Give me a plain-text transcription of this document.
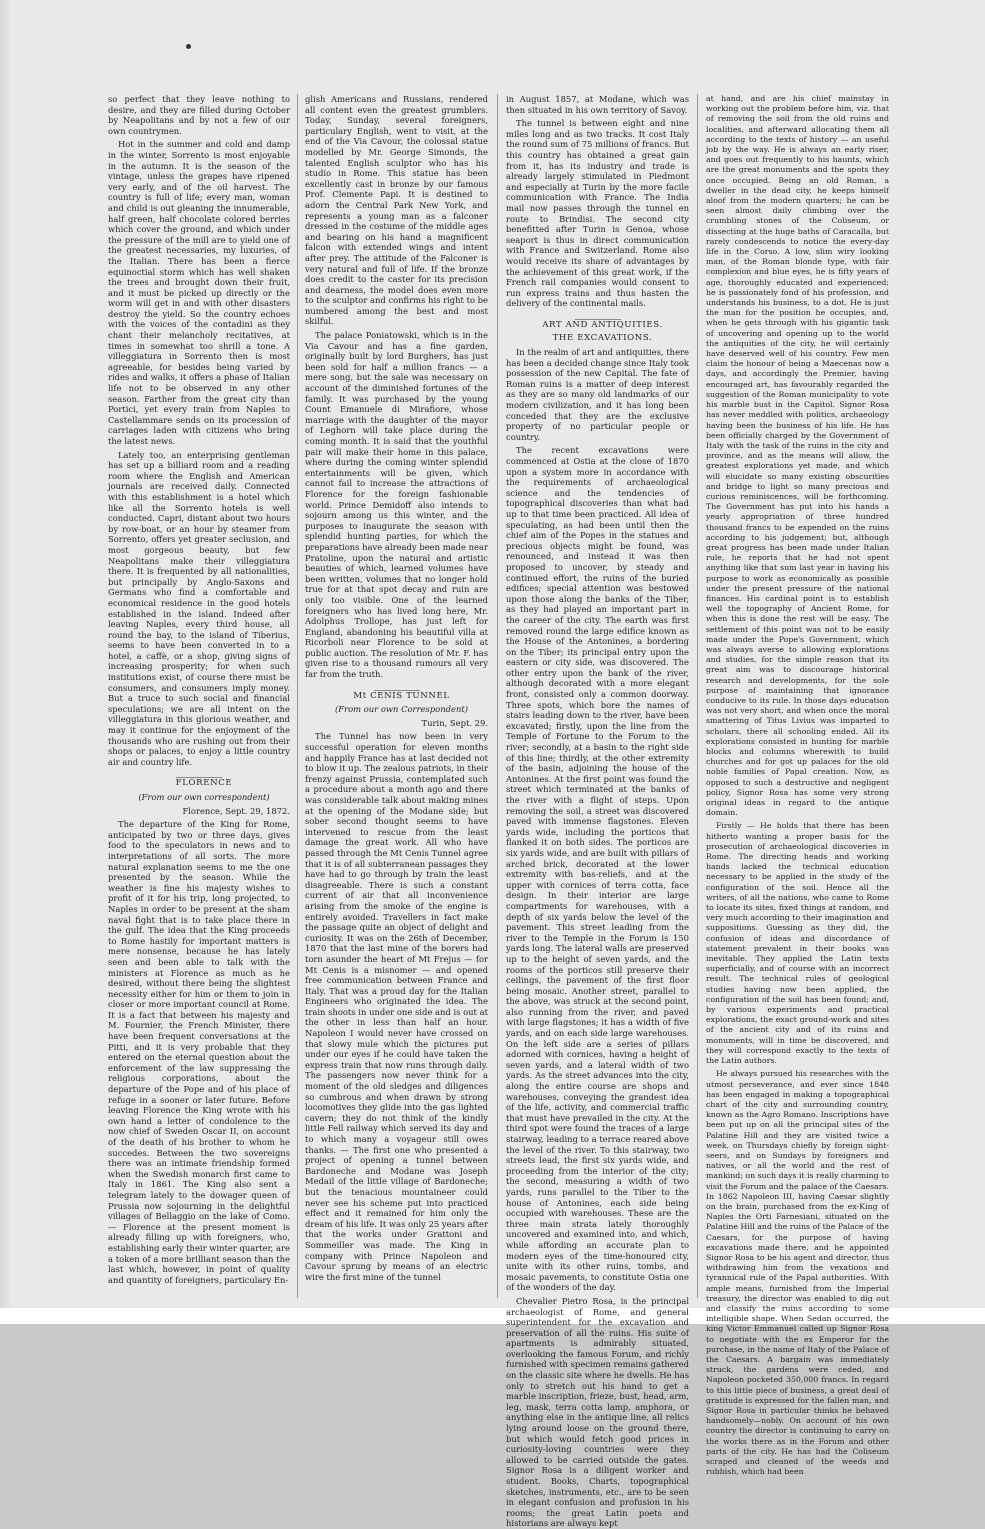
so perfect that they leave nothing to desire, and they are filled during October by Neapolitans and by not a few of our own countrymen.

Hot in the summer and cold and damp in the winter, Sorrento is most enjoyable in the autumn. It is the season of the vintage, unless the grapes have ripened very early, and of the oil harvest. The country is full of life; every man, woman and child is out gleaning the innumerable, half green, half chocolate colored berries which cover the ground, and which under the pressure of the mill are to yield one of the greatest necessaries, my luxuries, of the Italian. There has been a fierce equinoctial storm which has well shaken the trees and brought down their fruit, and it must be picked up directly or the worm will get in and with other disasters destroy the yield. So the country echoes with the voices of the contadini as they chant their melancholy recitatives, at times in somewhat too shrill a tone. A villeggiatura in Sorrento then is most agreeable, for besides being varied by rides and walks, it offers a phase of Italian life not to be observed in any other season. Farther from the great city than Portici, yet every train from Naples to Castellammare sends on its procession of carriages laden with citizens who bring the latest news.

Lately too, an enterprising gentleman has set up a billiard room and a reading room where the English and American journals are received daily. Connected with this establishment is a hotel which like all the Sorrento hotels is well conducted. Capri, distant about two hours by row-boat, or an hour by steamer from Sorrento, offers yet greater seclusion, and most gorgeous beauty, but few Neapolitans make their villeggiatura there. It is frequented by all nationalities, but principally by Anglo-Saxons and Germans who find a comfortable and economical residence in the good hotels established in the island. Indeed after leaving Naples, every third house, all round the bay, to the island of Tiberius, seems to have been converted in to a hotel, a caffè, or a shop, giving signs of increasing prosperity; for when such institutions exist, of course there must be consumers, and consumers imply money. But a truce to such social and financial speculations; we are all intent on the villeggiatura in this glorious weather, and may it continue for the enjoyment of the thousands who are rushing out from their shops or palaces, to enjoy a little country air and country life.

FLORENCE

(From our own correspondent)

Florence, Sept. 29, 1872.

The departure of the King for Rome, anticipated by two or three days, gives food to the speculators in news and to interpretations of all sorts. The more natural explanation seems to me the one presented by the season. While the weather is fine his majesty wishes to profit of it for his trip, long projected, to Naples in order to be present at the sham naval fight that is to take place there in the gulf. The idea that the King proceeds to Rome hastily for important matters is mere nonsense, because he has lately seen and been able to talk with the ministers at Florence as much as he desired, without there being the slightest necessity either for him or them to join in closer or more important council at Rome. It is a fact that between his majesty and M. Fournier, the French Minister, there have been frequent conversations at the Pitti, and it is very probable that they entered on the eternal question about the enforcement of the law suppressing the religious corporations, about the departure of the Pope and of his place of refuge in a sooner or later future. Before leaving Florence the King wrote with his own hand a letter of condolence to the now chief of Sweden Oscar II, on account of the death of his brother to whom he succedes. Between the two sovereigns there was an intimate friendship formed when the Swedish monarch first came to Italy in 1861. The King also sent a telegram lately to the dowager queen of Prussia now sojourning in the delightful villages of Bellaggio on the lake of Como. — Florence at the present moment is already filling up with foreigners, who, establishing early their winter quarter, are a token of a more brilliant season than the last which, however, in point of quality and quantity of foreigners, particulary En-

glish Americans and Russians, rendered all content even the greatest grumblers. Today, Sunday, several foreigners, particulary English, went to visit, at the end of the Via Cavour, the colossal statue modelled by Mr. George Simonds, the talented English sculptor who has his studio in Rome. This statue has been excellently cast in bronze by our famous Prof. Clemente Papi. It is destined to adorn the Central Park New York, and represents a young man as a falconer dressed in the costume of the middle ages and bearing on his hand a magnificent falcon with extended wings and intent after prey. The attitude of the Falconer is very natural and full of life. If the bronze does credit to the caster for its precision and dearness, the model does even more to the sculptor and confirms his right to be numbered among the best and most skilful.

The palace Poniatowski, which is in the Via Cavour and has a fine garden, originally built by lord Burghers, has just been sold for half a million francs — a mere song, but the sale was necessary on account of the diminished fortunes of the family. It was purchased by the young Count Emanuele di Mirafiore, whose marriage with the daughter of the mayor of Leghorn will take place during the coming month. It is said that the youthful pair will make their home in this palace, where during the coming winter splendid entertainments will be given, which cannot fail to increase the attractions of Florence for the foreign fashionable world. Prince Demidoff also intends to sojourn among us this winter, and the purposes to inaugurate the season with splendid hunting parties, for which the preparations have already been made near Pratoline, upon the natural and artistic beauties of which, learned volumes have been written, volumes that no longer hold true for at that spot decay and ruin are only too visible. One of the learned foreigners who has lived long here, Mr. Adolphus Trollope, has just left for England, abandoning his beautiful villa at Ricorboli near Florence to be sold at public auction. The resolution of Mr. F. has given rise to a thousand rumours all very far from the truth.

Mt CENIS TUNNEL

(From our own Correspondent)

Turin, Sept. 29.

The Tunnel has now been in very successful operation for eleven months and happily France has at last decided not to blow it up. The zealous patriots, in their frenzy against Prussia, contemplated such a procedure about a month ago and there was considerable talk about making mines at the opening of the Modane side; but sober second thought seems to have intervened to rescue from the least damage the great work. All who have passed through the Mt Cenis Tunnel agree that it is of all subterranean passages they have had to go through by train the least disagreeable. There is such a constant current of air that all inconvenience arising from the smoke of the engine is entirely avoided. Travellers in fact make the passage quite an object of delight and curiosity. It was on the 26th of December, 1870 that the last mine of the borers had torn asunder the heart of Mt Frejus — for Mt Cenis is a misnomer — and opened free communication between France and Italy. That was a proud day for the Italian Engineers who originated the idea. The train shoots in under one side and is out at the other in less than half an hour. Napoleon I would never have crossed on that slowy mule which the pictures put under our eyes if he could have taken the express train that now runs through daily. The passengers now never think for a moment of the old sledges and diligences so cumbrous and when drawn by strong locomotives they glide into the gas lighted cavern; they do not think of the kindly little Fell railway which served its day and to which many a voyageur still owes thanks. — The first one who presented a project of opening a tunnel between Bardoneche and Modane was Joseph Medail of the little village of Bardoneche; but the tenacious mountaineer could never see his scheme put into practiced effect and it remained for him only the dream of his life. It was only 25 years after that the works under Grattoni and Sommeiller was made. The King in company with Prince Napoleon and Cavour sprung by means of an electric wire the first mine of the tunnel

in August 1857, at Modane, which was then situated in his own territory of Savoy.

The tunnel is between eight and nine miles long and as two tracks. It cost Italy the round sum of 75 millions of francs. But this country has obtained a great gain from it, has its industry and trade is already largely stimulated in Piedmont and especially at Turin by the more facile communication with France. The India mail now passes through the tunnel en route to Brindisi. The second city benefitted after Turin is Genoa, whose seaport is thus in direct communication with France and Switzerland. Rome also would receive its share of advantages by the achievement of this great work, if the French rail companies would consent to run express trains and thus hasten the delivery of the continental mails.

ART AND ANTIQUITIES.

THE EXCAVATIONS.

In the realm of art and antiquities, there has been a decided change since Italy took possession of the new Capital. The fate of Roman ruins is a matter of deep interest as they are so many old landmarks of our modern civilization, and it has long been conceded that they are the exclusive property of no particular people or country.

The recent excavations were commenced at Ostia at the close of 1870 upon a system more in accordance with the requirements of archaeological science and the tendencies of topographical discoveries than what had up to that time been practiced. All idea of speculating, as had been until then the chief aim of the Popes in the statues and precious objects might be found, was renounced, and instead it was then proposed to uncover, by steady and continued effort, the ruins of the buried edifices; special attention was bestowed upon those along the banks of the Tiber, as they had played an important part in the career of the city. The earth was first removed round the large edifice known as the House of the Antonines, a bordering on the Tiber; its principal entry upon the eastern or city side, was discovered. The other entry upon the bank of the river, although decorated with a more elegant front, consisted only a common doorway. Three spots, which bore the names of stairs leading down to the river, have been excavated; firstly, upon the line from the Temple of Fortune to the Forum to the river; secondly, at a basin to the right side of this line; thirdly, at the other extremity of the basin, adjoining the house of the Antonines. At the first point was found the street which terminated at the banks of the river with a flight of steps. Upon removing the soil, a street was discovered paved with immense flagstones. Eleven yards wide, including the porticos that flanked it on both sides. The porticos are six yards wide, and are built with pillars of arched brick, decorated at the lower extremity with bas-reliefs, and at the upper with cornices of terra cotta, face design. In their interior are large compartments for warehouses, with a depth of six yards below the level of the pavement. This street leading from the river to the Temple in the Forum is 150 yards long. The lateral walls are preserved up to the height of seven yards, and the rooms of the porticos still preserve their ceilings, the pavement of the first floor being mosaic. Another street, parallel to the above, was struck at the second point, also running from the river, and paved with large flagstones; it has a width of five yards, and on each side large warehouses. On the left side are a series of pillars adorned with cornices, having a height of seven yards, and a lateral width of two yards. As the street advances into the city, along the entire course are shops and warehouses, conveying the grandest idea of the life, activity, and commercial traffic that must have prevailed in the city. At the third spot were found the traces of a large stairway, leading to a terrace reared above the level of the river. To this stairway, two streets lead, the first six yards wide, and proceeding from the interior of the city; the second, measuring a width of two yards, runs parallel to the Tiber to the house of Antonines, each side being occupied with warehouses. These are the three main strata lately thoroughly uncovered and examined into, and which, while affording an accurate plan to modern eyes of the time-honoured city, unite with its other ruins, tombs, and mosaic pavements, to constitute Ostia one of the wonders of the day.

Chevalier Pietro Rosa, is the principal archaeologist of Rome, and general superintendent for the excavation and preservation of all the ruins. His suite of apartments is admirably situated, overlooking the famous Forum, and richly furnished with specimen remains gathered on the classic site where he dwells. He has only to stretch out his hand to get a marble inscription, frieze, bust, head, arm, leg, mask, terra cotta lamp, amphora, or anything else in the antique line, all relics lying around loose on the ground there, but which would fetch good prices in curiosity-loving countries were they allowed to be carried outside the gates. Signor Rosa is a diligent worker and student. Books, Charts, topographical sketches, instruments, etc., are to be seen in elegant confusion and profusion in his rooms; the great Latin poets and historians are always kept

at hand, and are his chief mainstay in working out the problem before him, viz. that of removing the soil from the old ruins and localities, and afterward allocating them all according to the texts of history — an useful job by the way. He is always an early riser, and goes out frequently to his haunts, which are the great monuments and the spots they once occupied. Being an old Roman, a dweller in the dead city, he keeps himself aloof from the modern quarters; he can be seen almost daily climbing over the crumbling stones of the Coliseum, or dissecting at the huge baths of Caracalla, but rarely condescends to notice the every-day life in the Corso. A low, slim wiry looking man, of the Roman blonde type, with fair complexion and blue eyes, he is fifty years of age, thoroughly educated and experienced; he is passionately fond of his profession, and understands his business, to a dot. He is just the man for the position he occupies, and, when he gets through with his gigantic task of uncovering and opening up to the world the antiquities of the city, he will certainly have deserved well of his country. Few men claim the honour of being a Maecenas now a days, and accordingly the Premier, having encouraged art, has favourably regarded the suggestion of the Roman municipality to vote his marble bust in the Capitol. Signor Rosa has never meddled with politics, archaeology having been the business of his life. He has been officially charged by the Government of Italy with the task of the ruins in the city and province, and as the means will allow, the greatest explorations yet made, and which will elucidate so many existing obscurities and bridge to light so many precious and curious reminiscences, will be forthcoming. The Government has put into his hands a yearly appropriation of three hundred thousand francs to be expended on the ruins according to his judgement; but, although great progress has been made under Italian rule, he reports that he had not spent anything like that sum last year in having his purpose to work as economically as possible under the present pressure of the national finances. His cardinal point is to establish well the topography of Ancient Rome, for when this is done the rest will be easy. The settlement of this point was not to be easily made under the Pope's Government, which was always averse to allowing explorations and studies, for the simple reason that its great aim was to discourage historical research and developments, for the sole purpose of maintaining that ignorance conducive to its rule. In those days education was not very short, and when once the moral smattering of Titus Livius was imparted to scholars, there all schooling ended. All its explorations consisted in hunting for marble blocks and columns wherewith to build churches and for got up palaces for the old noble families of Papal creation. Now, as opposed to such a destructive and negligent policy, Signor Rosa has some very strong original ideas in regard to the antique domain.

Firstly — He holds that there has been hitherto wanting a proper basis for the prosecution of archaeological discoveries in Rome. The directing heads and working hands lacked the technical education necessary to be applied in the study of the configuration of the soil. Hence all the writers, of all the nations, who came to Rome to locate its sites, fixed things at random, and very much according to their imagination and suppositions. Guessing as they did, the confusion of ideas and discordance of statement prevalent in their books was inevitable. They applied the Latin texts superficially, and of course with an incorrect result. The technical rules of geological studies having now been applied, the configuration of the soil has been found; and, by various experiments and practical explorations, the exact ground-work and sites of the ancient city and of its ruins and monuments, will in time be discovered, and they will correspond exactly to the texts of the Latin authors.

He always pursued his researches with the utmost perseverance, and ever since 1848 has been engaged in making a topographical chart of the city and surrounding country, known as the Agro Romano. Inscriptions have been put up on all the principal sites of the Palatine Hill and they are visited twice a week, on Thursdays chiefly by foreign sight-seers, and on Sundays by foreigners and natives, or all the world and the rest of mankind; on such days it is really charming to visit the Forum and the palace of the Caesars. In 1862 Napoleon III, having Caesar slightly on the brain, purchased from the ex-King of Naples the Orti Farnesiani, situated on the Palatine Hill and the ruins of the Palace of the Caesars, for the purpose of having excavations made there, and he appointed Signor Rosa to be his agent and director, thus withdrawing him from the vexations and tyrannical rule of the Papal authorities. With ample means, furnished from the Imperial treasury, the director was enabled to dig out and classify the ruins according to some intelligible shape. When Sedan occurred, the king Victor Emmanuel called up Signor Rosa to negotiate with the ex Emperor for the purchase, in the name of Italy of the Palace of the Caesars. A bargain was immediately struck, the gardens were ceded, and Napoleon pocketed 350,000 francs. In regard to this little piece of business, a great deal of gratitude is expressed for the fallen man, and Signor Rosa in particular thinks he behaved handsomely—nobly. On account of his own country the director is continuing to carry on the works there as in the Forum and other parts of the city. He has had the Coliseum scraped and cleaned of the weeds and rubbish, which had been
